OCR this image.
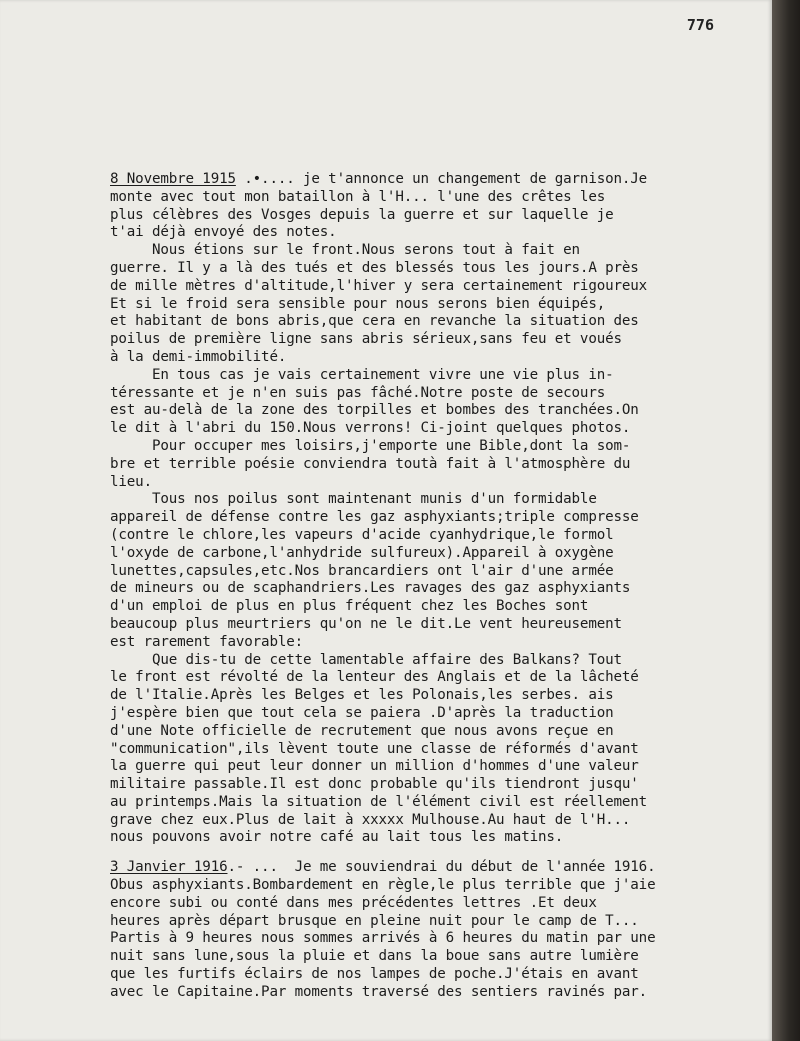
776
8 Novembre 1915 .•.... je t'annonce un changement de garnison.Je
monte avec tout mon bataillon à l'H... l'une des crêtes les
plus célèbres des Vosges depuis la guerre et sur laquelle je
t'ai déjà envoyé des notes.
Nous étions sur le front.Nous serons tout à fait en
guerre. Il y a là des tués et des blessés tous les jours.A près
de mille mètres d'altitude,l'hiver y sera certainement rigoureux
Et si le froid sera sensible pour nous serons bien équipés,
et habitant de bons abris,que cera en revanche la situation des
poilus de première ligne sans abris sérieux,sans feu et voués
à la demi-immobilité.
En tous cas je vais certainement vivre une vie plus in-
téressante et je n'en suis pas fâché.Notre poste de secours
est au-delà de la zone des torpilles et bombes des tranchées.On
le dit à l'abri du 150.Nous verrons! Ci-joint quelques photos.
Pour occuper mes loisirs,j'emporte une Bible,dont la som-
bre et terrible poésie conviendra toutà fait à l'atmosphère du
lieu.
Tous nos poilus sont maintenant munis d'un formidable
appareil de défense contre les gaz asphyxiants;triple compresse
(contre le chlore,les vapeurs d'acide cyanhydrique,le formol
l'oxyde de carbone,l'anhydride sulfureux).Appareil à oxygène
lunettes,capsules,etc.Nos brancardiers ont l'air d'une armée
de mineurs ou de scaphandriers.Les ravages des gaz asphyxiants
d'un emploi de plus en plus fréquent chez les Boches sont
beaucoup plus meurtriers qu'on ne le dit.Le vent heureusement
est rarement favorable:
Que dis-tu de cette lamentable affaire des Balkans? Tout
le front est révolté de la lenteur des Anglais et de la lâcheté
de l'Italie.Après les Belges et les Polonais,les serbes. ais
j'espère bien que tout cela se paiera .D'après la traduction
d'une Note officielle de recrutement que nous avons reçue en
"communication",ils lèvent toute une classe de réformés d'avant
la guerre qui peut leur donner un million d'hommes d'une valeur
militaire passable.Il est donc probable qu'ils tiendront jusqu'
au printemps.Mais la situation de l'élément civil est réellement
grave chez eux.Plus de lait à xxxxx Mulhouse.Au haut de l'H...
nous pouvons avoir notre café au lait tous les matins.
3 Janvier 1916.- ...  Je me souviendrai du début de l'année 1916.
Obus asphyxiants.Bombardement en règle,le plus terrible que j'aie
encore subi ou conté dans mes précédentes lettres .Et deux
heures après départ brusque en pleine nuit pour le camp de T...
Partis à 9 heures nous sommes arrivés à 6 heures du matin par une
nuit sans lune,sous la pluie et dans la boue sans autre lumière
que les furtifs éclairs de nos lampes de poche.J'étais en avant
avec le Capitaine.Par moments traversé des sentiers ravinés par.
